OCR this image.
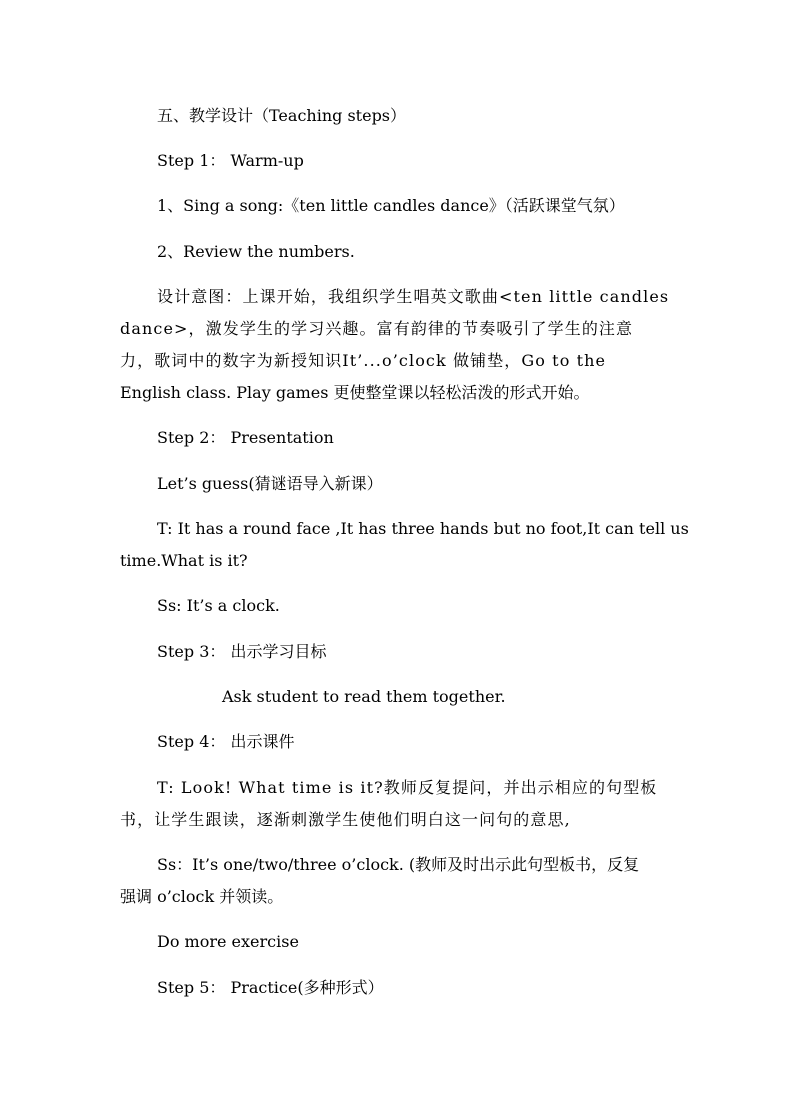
五、教学设计（Teaching steps）
Step 1： Warm-up
1、Sing a song:《ten little candles dance》（活跃课堂气氛）
2、Review the numbers.
设计意图：上课开始，我组织学生唱英文歌曲<ten little candles
dance>，激发学生的学习兴趣。富有韵律的节奏吸引了学生的注意
力，歌词中的数字为新授知识It’...o’clock 做铺垫，Go to the
English class. Play games 更使整堂课以轻松活泼的形式开始。
Step 2： Presentation
Let’s guess(猜谜语导入新课）
T: It has a round face ,It has three hands but no foot,It can tell us
time.What is it?
Ss: It’s a clock.
Step 3： 出示学习目标
Ask student to read them together.
Step 4： 出示课件
T: Look! What time is it?教师反复提问，并出示相应的句型板
书，让学生跟读，逐渐刺激学生使他们明白这一问句的意思,
Ss：It’s one/two/three o’clock. (教师及时出示此句型板书，反复
强调 o’clock 并领读。
Do more exercise
Step 5： Practice(多种形式）
